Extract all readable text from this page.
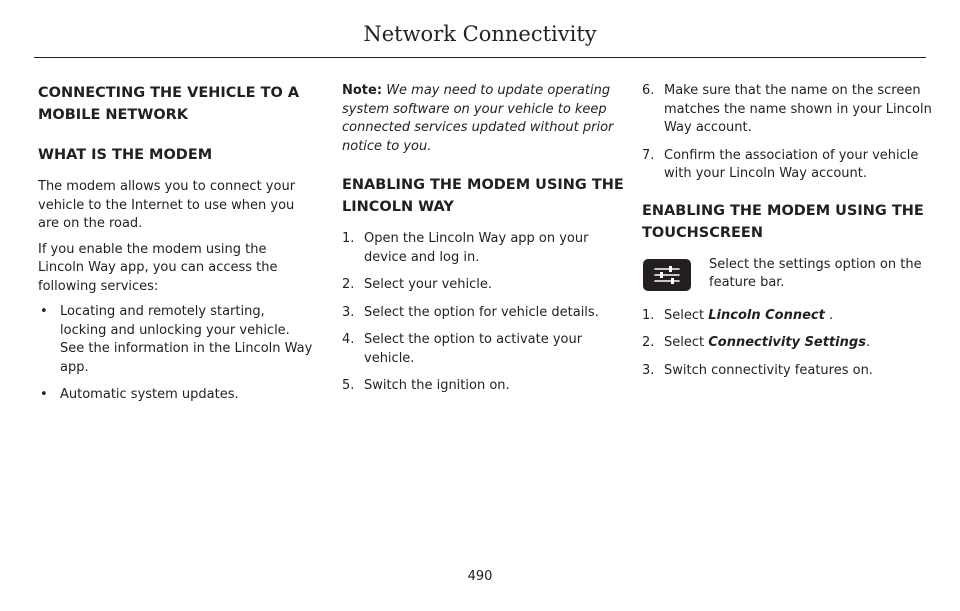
Network Connectivity
CONNECTING THE VEHICLE TO A
MOBILE NETWORK
WHAT IS THE MODEM

The modem allows you to connect your vehicle to the Internet to use when you are on the road.

If you enable the modem using the Lincoln Way app, you can access the following services:

• Locating and remotely starting, locking and unlocking your vehicle. See the information in the Lincoln Way app.
• Automatic system updates.

Note: We may need to update operating system software on your vehicle to keep connected services updated without prior notice to you.

ENABLING THE MODEM USING THE LINCOLN WAY
1. Open the Lincoln Way app on your device and log in.
2. Select your vehicle.
3. Select the option for vehicle details.
4. Select the option to activate your vehicle.
5. Switch the ignition on.
6. Make sure that the name on the screen matches the name shown in your Lincoln Way account.
7. Confirm the association of your vehicle with your Lincoln Way account.
ENABLING THE MODEM USING THE TOUCHSCREEN

Select the settings option on the feature bar.

1. Select Lincoln Connect .
2. Select Connectivity Settings.
3. Switch connectivity features on.
490
